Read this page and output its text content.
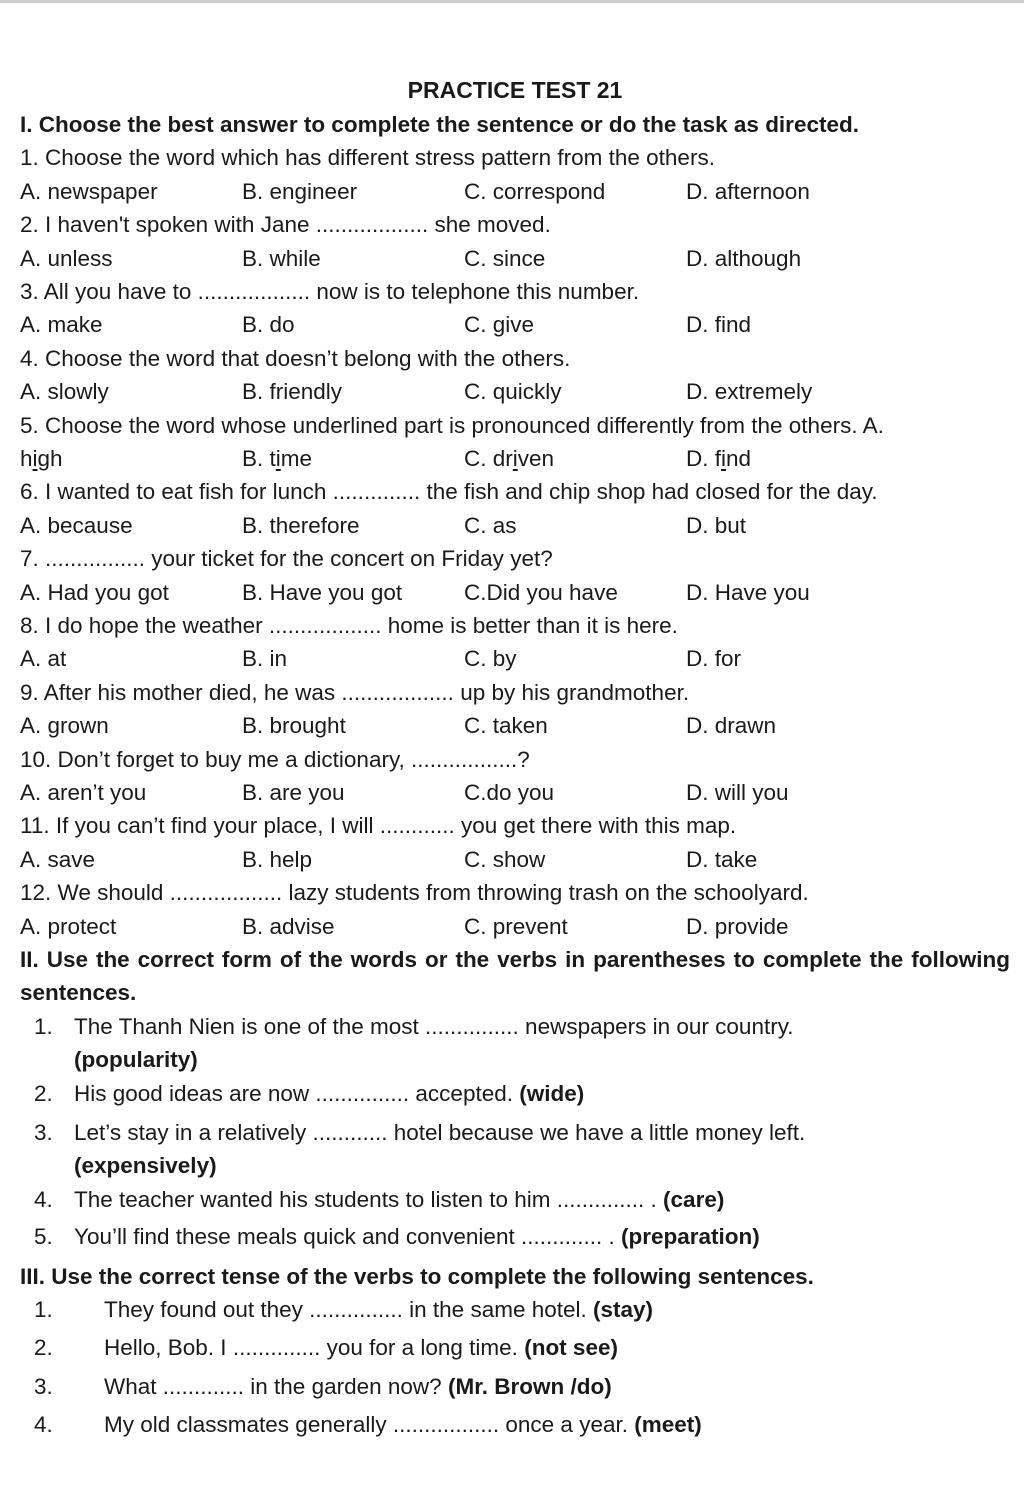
PRACTICE TEST 21
I. Choose the best answer to complete the sentence or do the task as directed.
1. Choose the word which has different stress pattern from the others.
A. newspaper	B. engineer	C. correspond	D. afternoon
2. I haven't spoken with Jane .................. she moved.
A. unless	B. while	C. since	D. although
3. All you have to .................. now is to telephone this number.
A. make	B. do	C. give	D. find
4. Choose the word that doesn’t belong with the others.
A. slowly	B. friendly	C. quickly	D. extremely
5. Choose the word whose underlined part is pronounced differently from the others. A.
high	B. time	C. driven	D. find
6. I wanted to eat fish for lunch .............. the fish and chip shop had closed for the day.
A. because	B. therefore	C. as	D. but
7. ................ your ticket for the concert on Friday yet?
A. Had you got	B. Have you got	C.Did you have	D. Have you
8. I do hope the weather .................. home is better than it is here.
A. at	B. in	C. by	D. for
9. After his mother died, he was .................. up by his grandmother.
A. grown	B. brought	C. taken	D. drawn
10. Don’t forget to buy me a dictionary, .................?
A. aren’t you	B. are you	C.do you	D. will you
11. If you can’t find your place, I will ............ you get there with this map.
A. save	B. help	C. show	D. take
12. We should .................. lazy students from throwing trash on the schoolyard.
A. protect	B. advise	C. prevent	D. provide
II. Use the correct form of the words or the verbs in parentheses to complete the following sentences.
1. The Thanh Nien is one of the most ............... newspapers in our country.
(popularity)
2. His good ideas are now ............... accepted. (wide)
3. Let’s stay in a relatively ............ hotel because we have a little money left.
(expensively)
4. The teacher wanted his students to listen to him .............. . (care)
5. You’ll find these meals quick and convenient ............. . (preparation)
III. Use the correct tense of the verbs to complete the following sentences.
1.	They found out they ............... in the same hotel. (stay)
2.	Hello, Bob. I .............. you for a long time. (not see)
3.	What ............. in the garden now? (Mr. Brown /do)
4.	My old classmates generally ................. once a year. (meet)
